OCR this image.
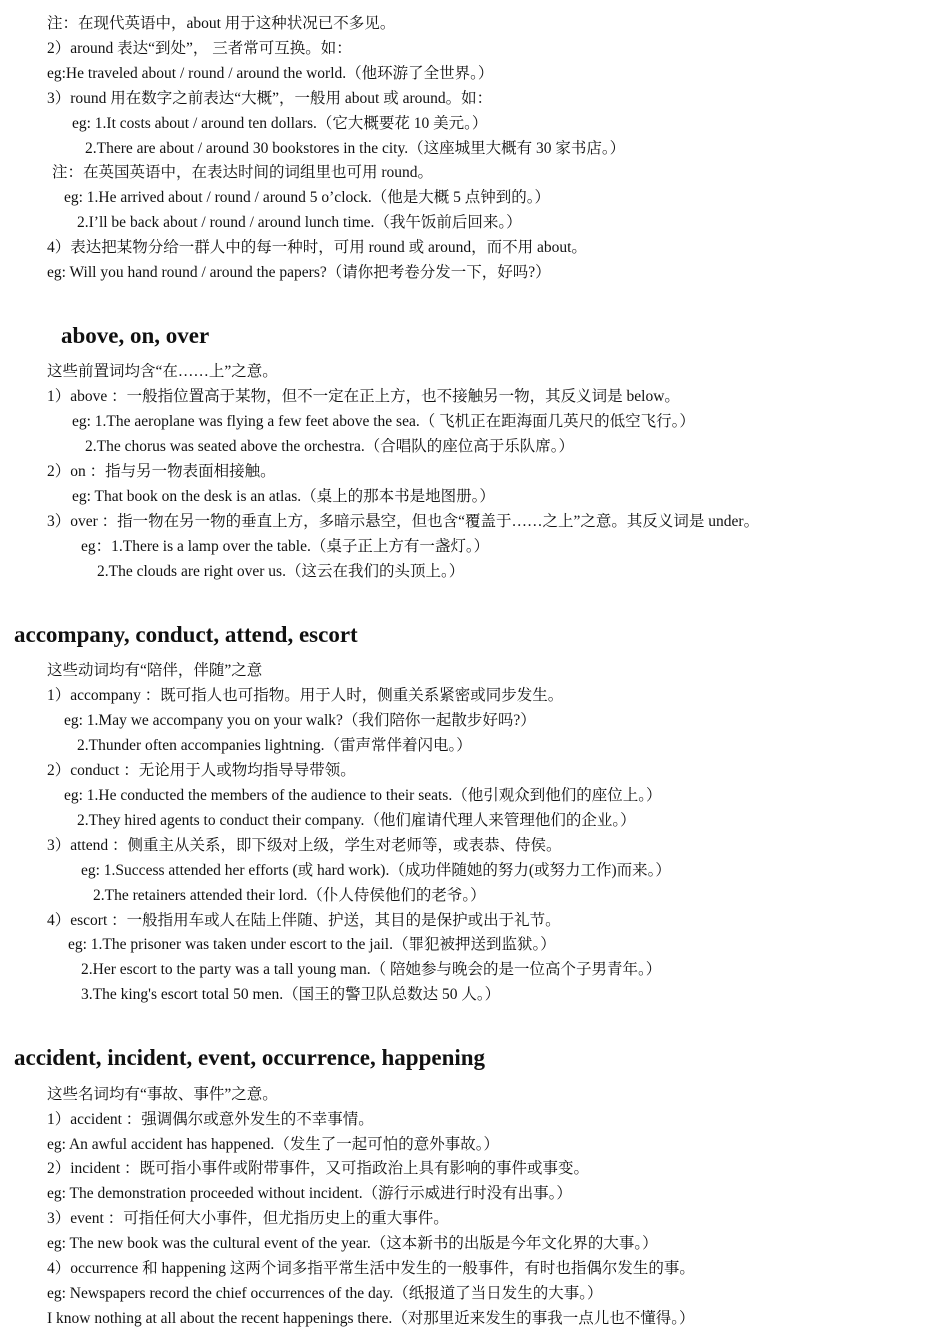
注：在现代英语中，about 用于这种状况已不多见。
2）around 表达“到处”， 三者常可互换。如：
eg:He traveled about / round / around the world.（他环游了全世界。）
3）round 用在数字之前表达“大概”，一般用 about 或 around。如：
eg: 1.It costs about / around ten dollars.（它大概要花 10 美元。）
2.There are about / around 30 bookstores in the city.（这座城里大概有 30 家书店。）
注：在英国英语中，在表达时间的词组里也可用 round。
eg: 1.He arrived about / round / around 5 o’clock.（他是大概 5 点钟到的。）
2.I’ll be back about / round / around lunch time.（我午饭前后回来。）
4）表达把某物分给一群人中的每一种时，可用 round 或 around，而不用 about。
eg: Will you hand round / around the papers?（请你把考卷分发一下，好吗?）
above, on, over
这些前置词均含“在……上”之意。
1）above ：一般指位置高于某物，但不一定在正上方，也不接触另一物，其反义词是 below。
eg: 1.The aeroplane was flying a few feet above the sea.（ 飞机正在距海面几英尺的低空飞行。）
2.The chorus was seated above the orchestra.（合唱队的座位高于乐队席。）
2）on ：指与另一物表面相接触。
eg: That book on the desk is an atlas.（桌上的那本书是地图册。）
3）over ：指一物在另一物的垂直上方，多暗示悬空，但也含“覆盖于……之上”之意。其反义词是 under。
eg：1.There is a lamp over the table.（桌子正上方有一盏灯。）
2.The clouds are right over us.（这云在我们的头顶上。）
accompany, conduct, attend, escort
这些动词均有“陪伴，伴随”之意
1）accompany ：既可指人也可指物。用于人时，侧重关系紧密或同步发生。
eg: 1.May we accompany you on your walk?（我们陪你一起散步好吗?）
2.Thunder often accompanies lightning.（雷声常伴着闪电。）
2）conduct ：无论用于人或物均指导导带领。
eg: 1.He conducted the members of the audience to their seats.（他引观众到他们的座位上。）
2.They hired agents to conduct their company.（他们雇请代理人来管理他们的企业。）
3）attend ：侧重主从关系，即下级对上级，学生对老师等，或表恭、侍侯。
eg: 1.Success attended her efforts (或 hard work).（成功伴随她的努力(或努力工作)而来。）
2.The retainers attended their lord.（仆人侍侯他们的老爷。）
4）escort ：一般指用车或人在陆上伴随、护送，其目的是保护或出于礼节。
eg: 1.The prisoner was taken under escort to the jail.（罪犯被押送到监狱。）
2.Her escort to the party was a tall young man.（ 陪她参与晚会的是一位高个子男青年。）
3.The king's escort total 50 men.（国王的警卫队总数达 50 人。）
accident, incident, event, occurrence, happening
这些名词均有“事故、事件”之意。
1）accident ：强调偶尔或意外发生的不幸事情。
eg: An awful accident has happened.（发生了一起可怕的意外事故。）
2）incident ：既可指小事件或附带事件，又可指政治上具有影响的事件或事变。
eg: The demonstration proceeded without incident.（游行示威进行时没有出事。）
3）event ：可指任何大小事件，但尤指历史上的重大事件。
eg: The new book was the cultural event of the year.（这本新书的出版是今年文化界的大事。）
4）occurrence 和 happening 这两个词多指平常生活中发生的一般事件，有时也指偶尔发生的事。
eg: Newspapers record the chief occurrences of the day.（纸报道了当日发生的大事。）
I know nothing at all about the recent happenings there.（对那里近来发生的事我一点儿也不懂得。）
